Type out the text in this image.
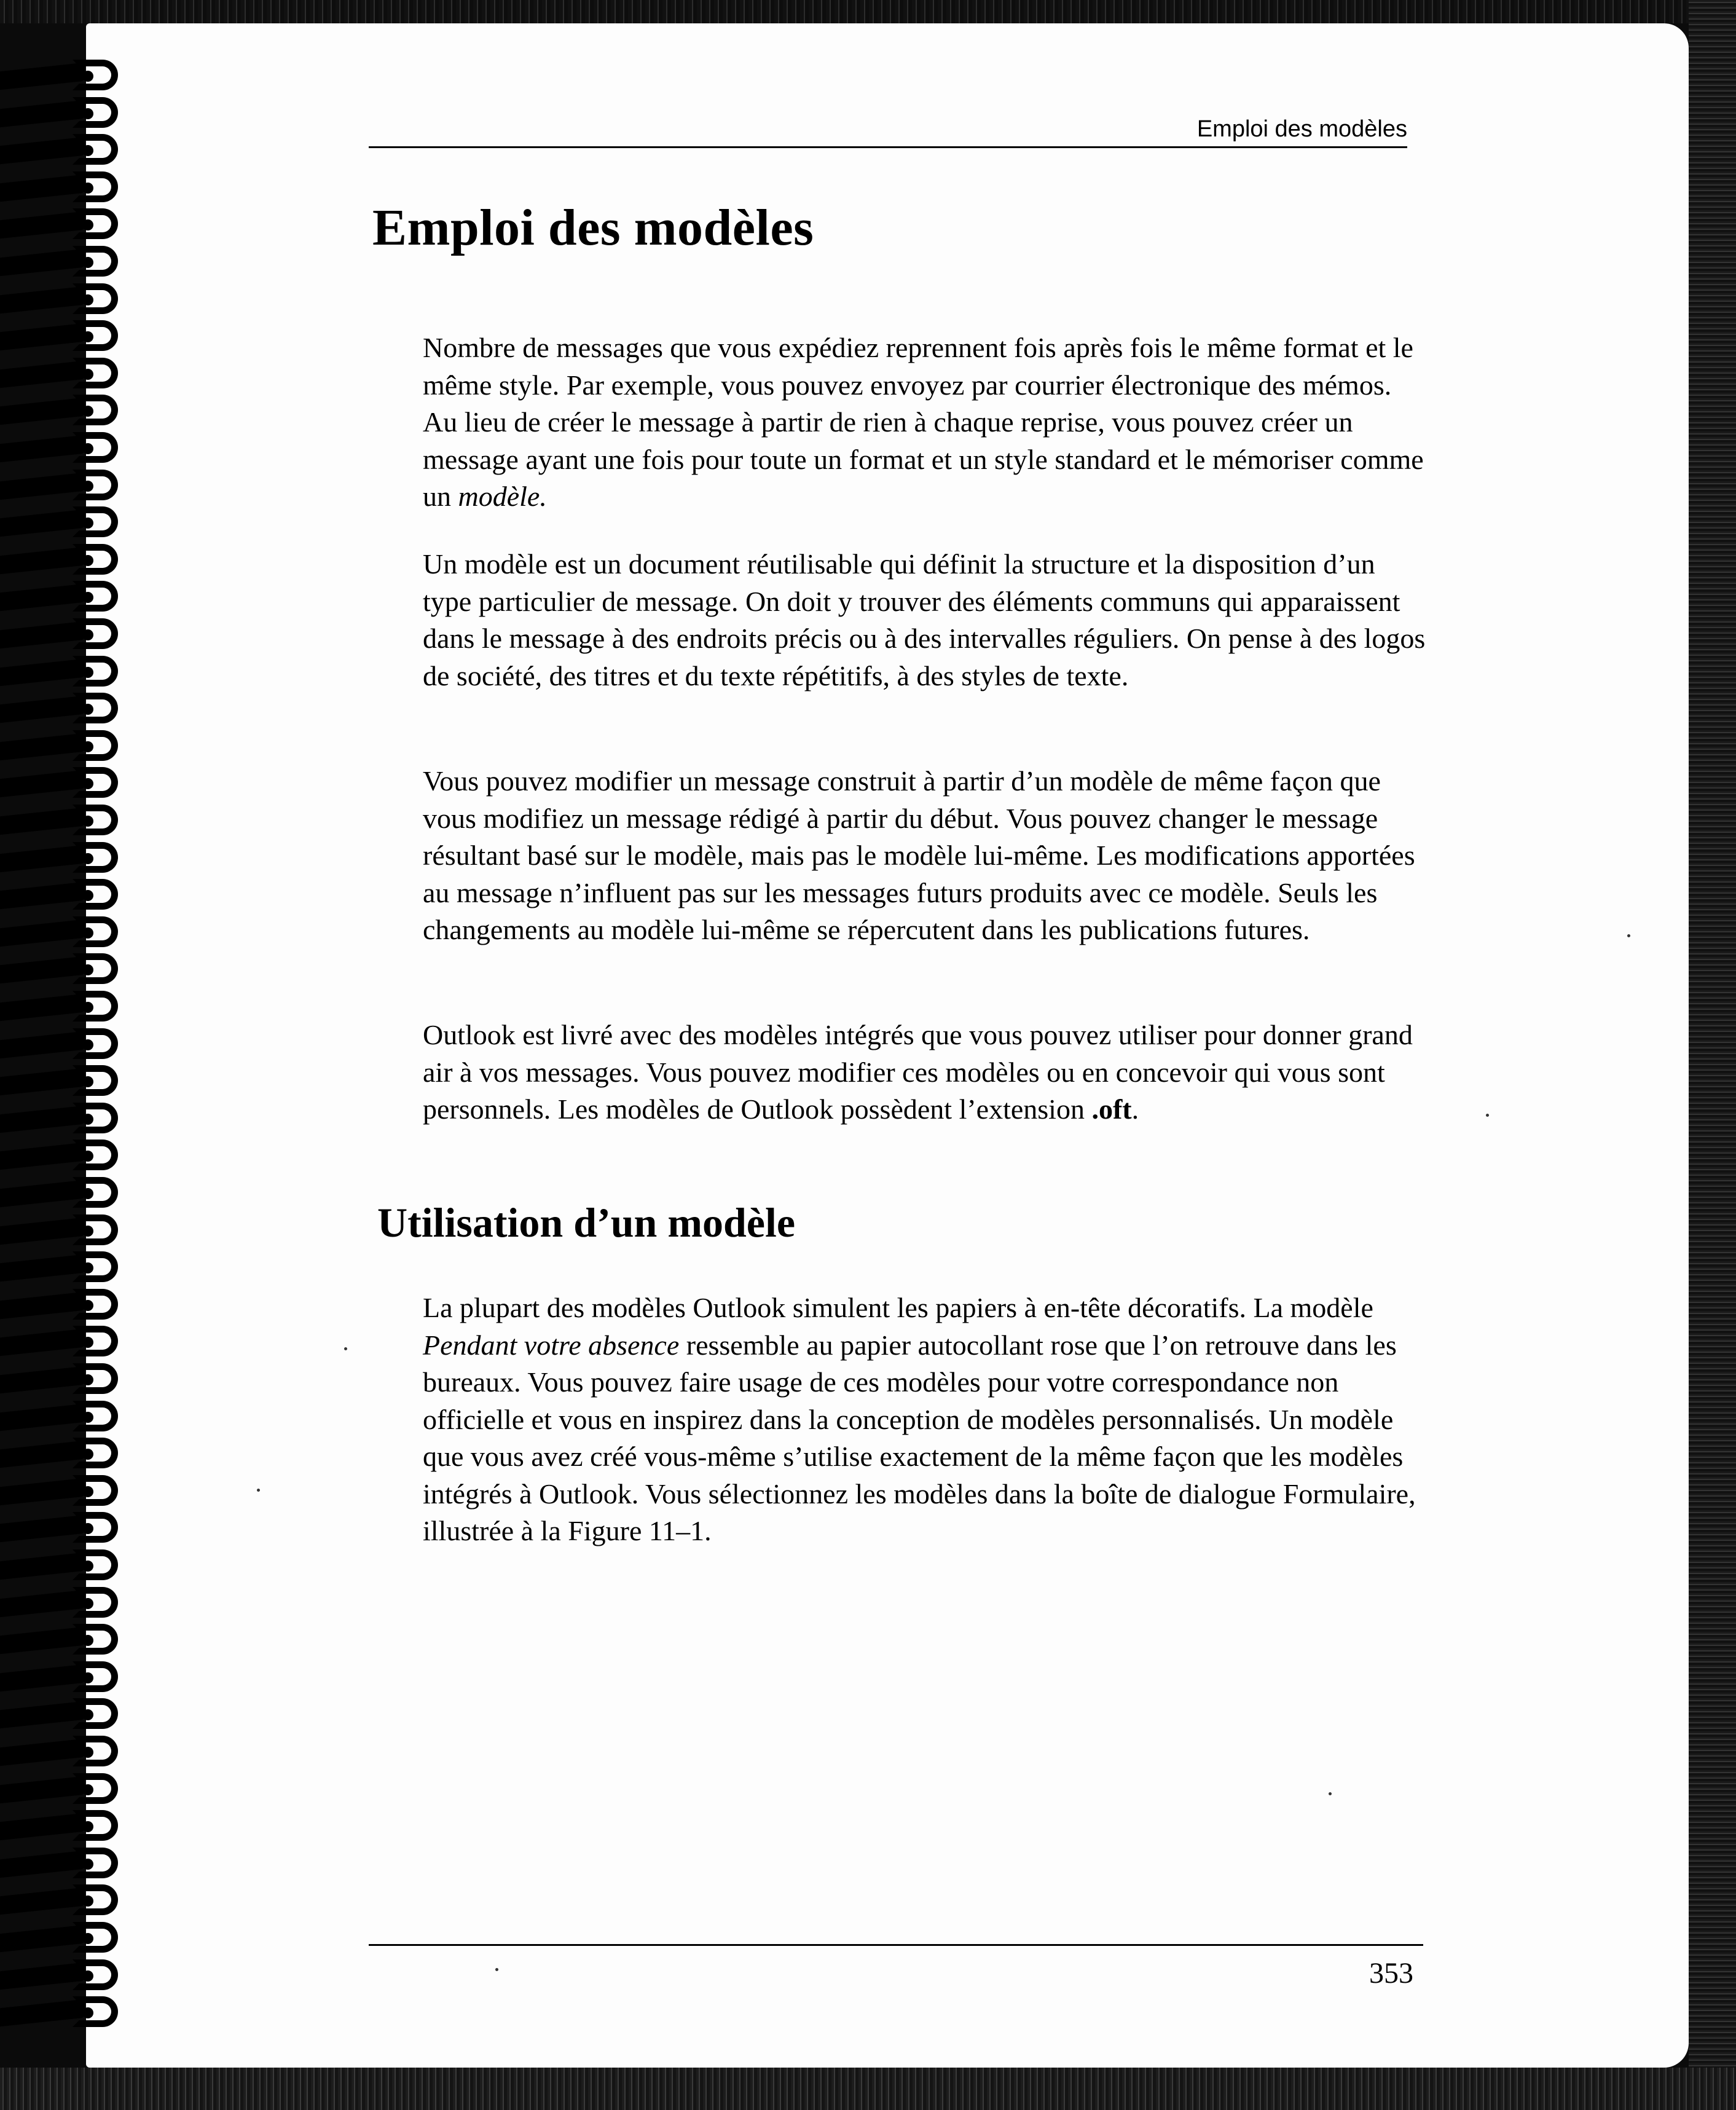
Emploi des modèles
Emploi des modèles

Nombre de messages que vous expédiez reprennent fois après fois le même format et le même style. Par exemple, vous pouvez envoyez par courrier électronique des mémos. Au lieu de créer le message à partir de rien à chaque reprise, vous pouvez créer un message ayant une fois pour toute un format et un style standard et le mémoriser comme un modèle.

Un modèle est un document réutilisable qui définit la structure et la disposition d’un type particulier de message. On doit y trouver des éléments communs qui apparaissent dans le message à des endroits précis ou à des intervalles réguliers. On pense à des logos de société, des titres et du texte répétitifs, à des styles de texte.

Vous pouvez modifier un message construit à partir d’un modèle de même façon que vous modifiez un message rédigé à partir du début. Vous pouvez changer le message résultant basé sur le modèle, mais pas le modèle lui-même. Les modifications apportées au message n’influent pas sur les messages futurs produits avec ce modèle. Seuls les changements au modèle lui-même se répercutent dans les publications futures.

Outlook est livré avec des modèles intégrés que vous pouvez utiliser pour donner grand air à vos messages. Vous pouvez modifier ces modèles ou en concevoir qui vous sont personnels. Les modèles de Outlook possèdent l’extension .oft.

Utilisation d’un modèle

La plupart des modèles Outlook simulent les papiers à en-tête décoratifs. La modèle Pendant votre absence ressemble au papier autocollant rose que l’on retrouve dans les bureaux. Vous pouvez faire usage de ces modèles pour votre correspondance non officielle et vous en inspirez dans la conception de modèles personnalisés. Un modèle que vous avez créé vous-même s’utilise exactement de la même façon que les modèles intégrés à Outlook. Vous sélectionnez les modèles dans la boîte de dialogue Formulaire, illustrée à la Figure 11–1.

353
